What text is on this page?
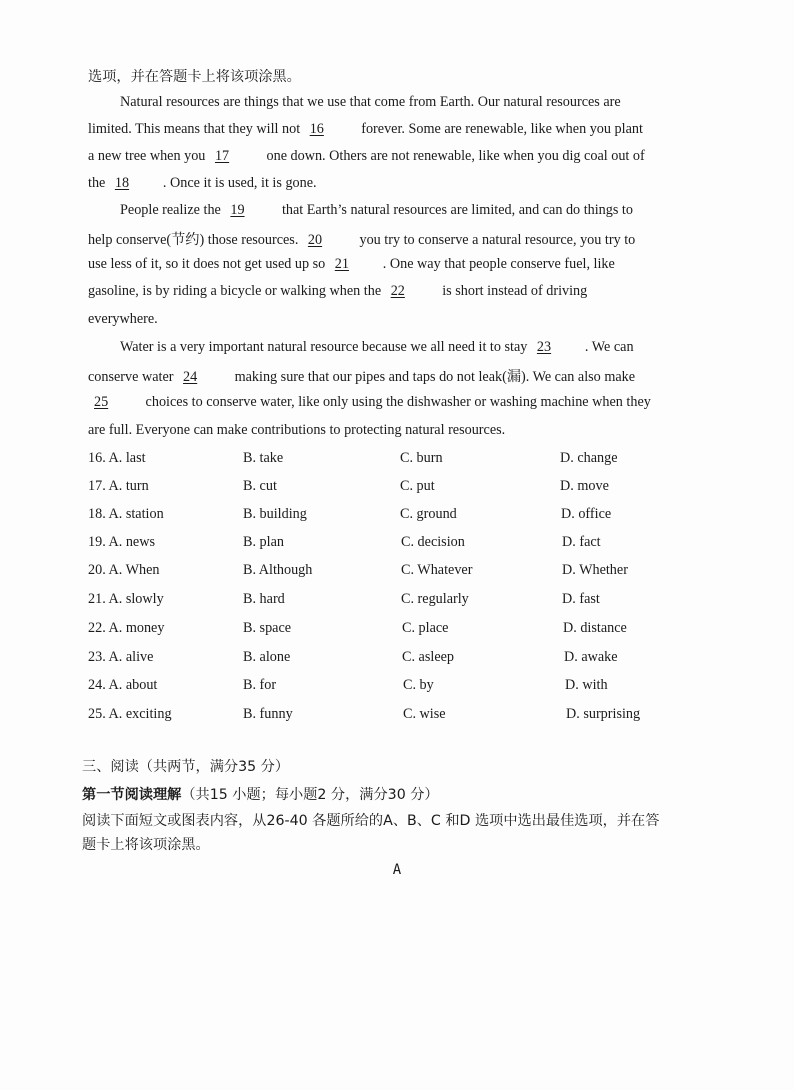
选项，并在答题卡上将该项涂黑。
Natural resources are things that we use that come from Earth. Our natural resources are
limited. This means that they will not 16	forever. Some are renewable, like when you plant
a new tree when you 17	one down. Others are not renewable, like when you dig coal out of
the 18 . Once it is used, it is gone.
People realize the 19	that Earth’s natural resources are limited, and can do things to
help conserve(节约) those resources. 20	you try to conserve a natural resource, you try to
use less of it, so it does not get used up so 21 . One way that people conserve fuel, like
gasoline, is by riding a bicycle or walking when the 22	is short instead of driving
everywhere.
Water is a very important natural resource because we all need it to stay 23 . We can
conserve water 24	making sure that our pipes and taps do not leak(漏). We can also make
25	choices to conserve water, like only using the dishwasher or washing machine when they
are full. Everyone can make contributions to protecting natural resources.
16. A. last	B. take	C. burn	D. change
17. A. turn	B. cut	C. put	D. move
18. A. station	B. building	C. ground	D. office
19. A. news	B. plan	C. decision	D. fact
20. A. When	B. Although	C. Whatever	D. Whether
21. A. slowly	B. hard	C. regularly	D. fast
22. A. money	B. space	C. place	D. distance
23. A. alive	B. alone	C. asleep	D. awake
24. A. about	B. for	C. by	D. with
25. A. exciting	B. funny	C. wise	D. surprising
三、阅读（共两节，满分35 分）
第一节阅读理解（共15 小题；每小题2 分，满分30 分）
阅读下面短文或图表内容，从26-40 各题所给的A、B、C 和D 选项中选出最佳选项，并在答
题卡上将该项涂黑。
A
